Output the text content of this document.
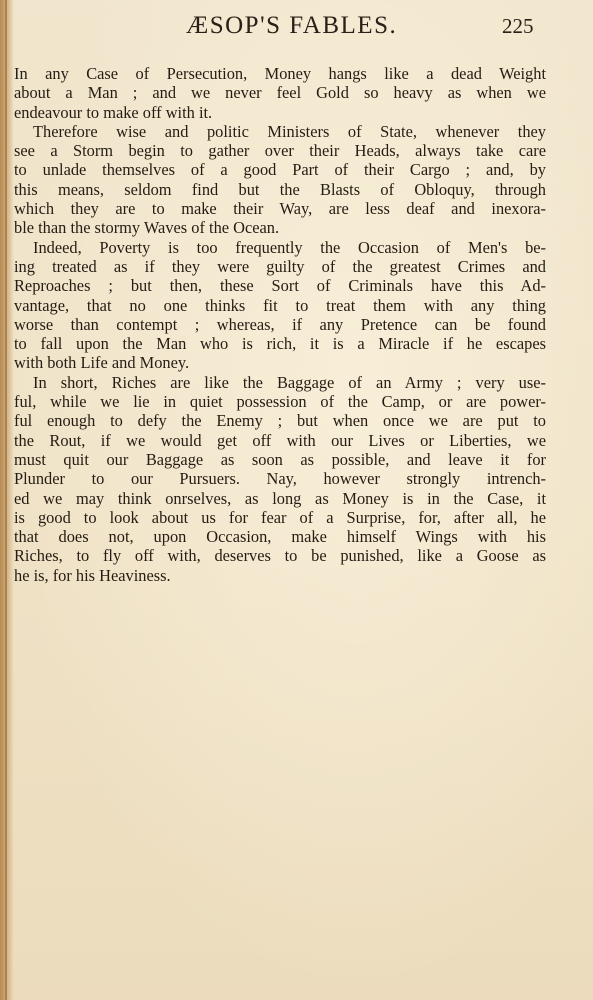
ÆSOP'S FABLES.	225
In any Case of Persecution, Money hangs like a dead Weight
about a Man ; and we never feel Gold so heavy as when we
endeavour to make off with it.
Therefore wise and politic Ministers of State, whenever they
see a Storm begin to gather over their Heads, always take care
to unlade themselves of a good Part of their Cargo ; and, by
this means, seldom find but the Blasts of Obloquy, through
which they are to make their Way, are less deaf and inexora-
ble than the stormy Waves of the Ocean.
Indeed, Poverty is too frequently the Occasion of Men's be-
ing treated as if they were guilty of the greatest Crimes and
Reproaches ; but then, these Sort of Criminals have this Ad-
vantage, that no one thinks fit to treat them with any thing
worse than contempt ; whereas, if any Pretence can be found
to fall upon the Man who is rich, it is a Miracle if he escapes
with both Life and Money.
In short, Riches are like the Baggage of an Army ; very use-
ful, while we lie in quiet possession of the Camp, or are power-
ful enough to defy the Enemy ; but when once we are put to
the Rout, if we would get off with our Lives or Liberties, we
must quit our Baggage as soon as possible, and leave it for
Plunder to our Pursuers. Nay, however strongly intrench-
ed we may think onrselves, as long as Money is in the Case, it
is good to look about us for fear of a Surprise, for, after all, he
that does not, upon Occasion, make himself Wings with his
Riches, to fly off with, deserves to be punished, like a Goose as
he is, for his Heaviness.
